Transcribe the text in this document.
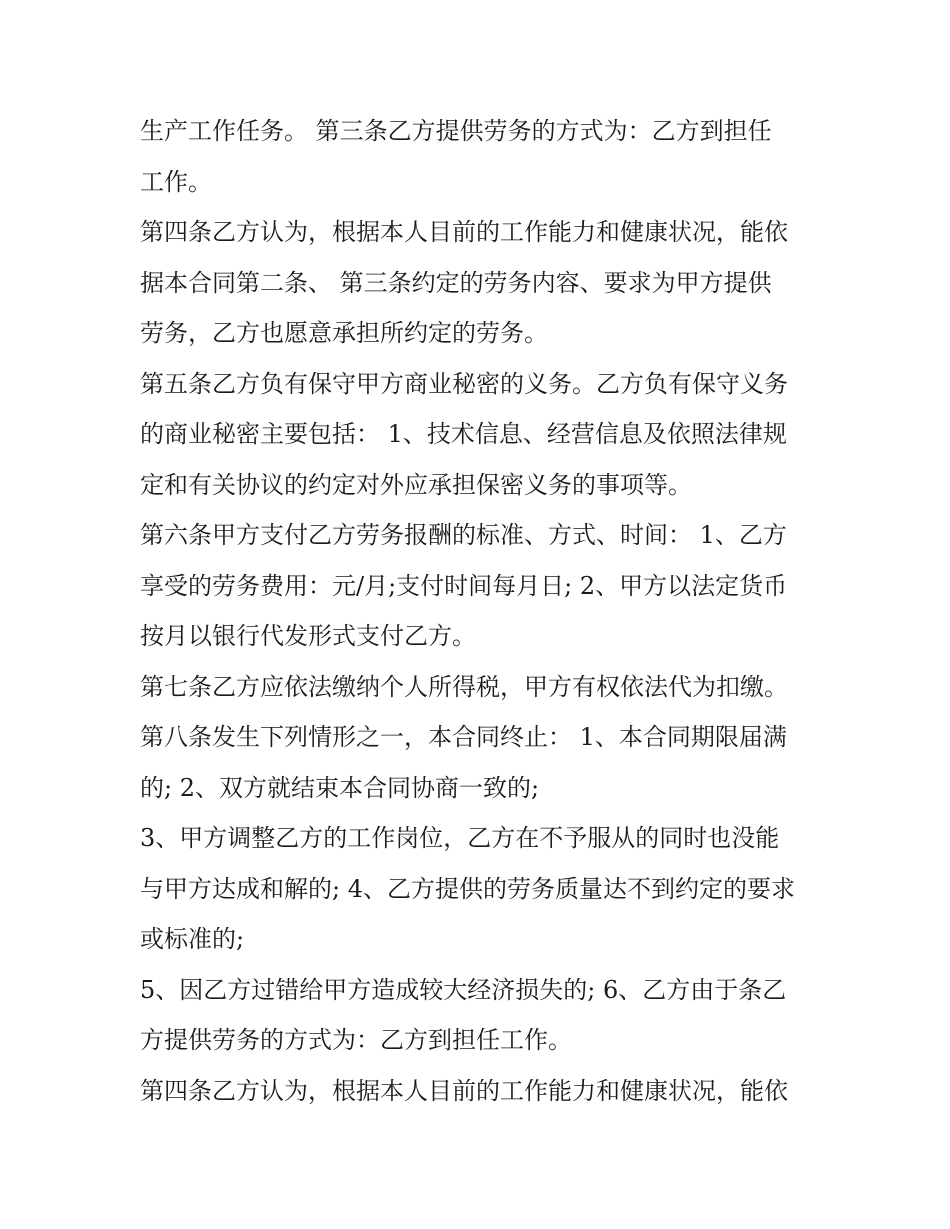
生产工作任务。 第三条乙方提供劳务的方式为：乙方到担任
工作。
第四条乙方认为，根据本人目前的工作能力和健康状况，能依
据本合同第二条、 第三条约定的劳务内容、要求为甲方提供
劳务，乙方也愿意承担所约定的劳务。
第五条乙方负有保守甲方商业秘密的义务。乙方负有保守义务
的商业秘密主要包括： 1、技术信息、经营信息及依照法律规
定和有关协议的约定对外应承担保密义务的事项等。
第六条甲方支付乙方劳务报酬的标准、方式、时间： 1、乙方
享受的劳务费用：元/月;支付时间每月日; 2、甲方以法定货币
按月以银行代发形式支付乙方。
第七条乙方应依法缴纳个人所得税，甲方有权依法代为扣缴。
第八条发生下列情形之一，本合同终止： 1、本合同期限届满
的; 2、双方就结束本合同协商一致的;
3、甲方调整乙方的工作岗位，乙方在不予服从的同时也没能
与甲方达成和解的; 4、乙方提供的劳务质量达不到约定的要求
或标准的;
5、因乙方过错给甲方造成较大经济损失的; 6、乙方由于条乙
方提供劳务的方式为：乙方到担任工作。
第四条乙方认为，根据本人目前的工作能力和健康状况，能依
